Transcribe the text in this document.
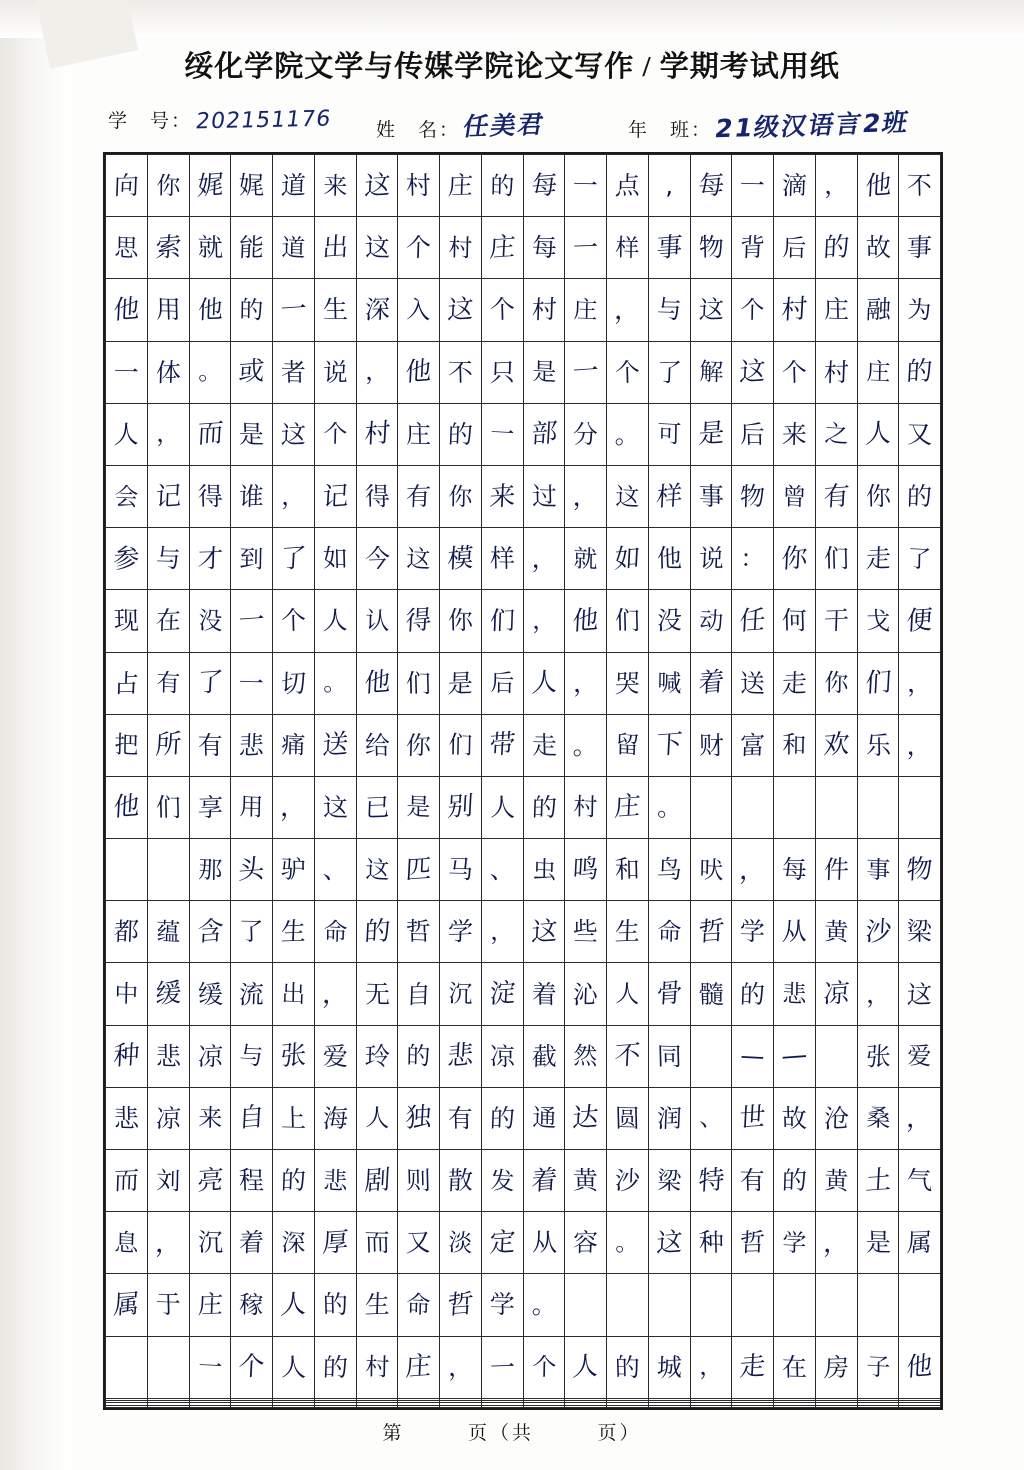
绥化学院文学与传媒学院论文写作 / 学期考试用纸
学　号： 202151176 姓　名： 任美君	年　班： 21级汉语言2班
向	你	娓	娓	道	来	这	村	庄	的	每	一	点	,	每	一	滴	，	他	不

思	索	就	能	道	出	这	个	村	庄	每	一	样	事	物	背	后	的	故	事

他	用	他	的	一	生	深	入	这	个	村	庄	，	与	这	个	村	庄	融	为

一	体	。	或	者	说	，	他	不	只	是	一	个	了	解	这	个	村	庄	的

人	，	而	是	这	个	村	庄	的	一	部	分	。	可	是	后	来	之	人	又

会	记	得	谁	，	记	得	有	你	来	过	，	这	样	事	物	曾	有	你	的

参	与	才	到	了	如	今	这	模	样	，	就	如	他	说	：	你	们	走	了

现	在	没	一	个	人	认	得	你	们	，	他	们	没	动	任	何	干	戈	便

占	有	了	一	切	。	他	们	是	后	人	，	哭	喊	着	送	走	你	们	，

把	所	有	悲	痛	送	给	你	们	带	走	。	留	下	财	富	和	欢	乐	，

他	们	享	用	，	这	已	是	别	人	的	村	庄	。						

		那	头	驴	、	这	匹	马	、	虫	鸣	和	鸟	吠	，	每	件	事	物

都	蕴	含	了	生	命	的	哲	学	，	这	些	生	命	哲	学	从	黄	沙	梁

中	缓	缓	流	出	，	无	自	沉	淀	着	沁	人	骨	髓	的	悲	凉	，	这

种	悲	凉	与	张	爱	玲	的	悲	凉	截	然	不	同		—	—		张	爱

悲	凉	来	自	上	海	人	独	有	的	通	达	圆	润	、	世	故	沧	桑	，

而	刘	亮	程	的	悲	剧	则	散	发	着	黄	沙	梁	特	有	的	黄	土	气

息	，	沉	着	深	厚	而	又	淡	定	从	容	。	这	种	哲	学	，	是	属

属	于	庄	稼	人	的	生	命	哲	学	。									

		一	个	人	的	村	庄	，	一	个	人	的	城	，	走	在	房	子	他

第	页（共	页）
